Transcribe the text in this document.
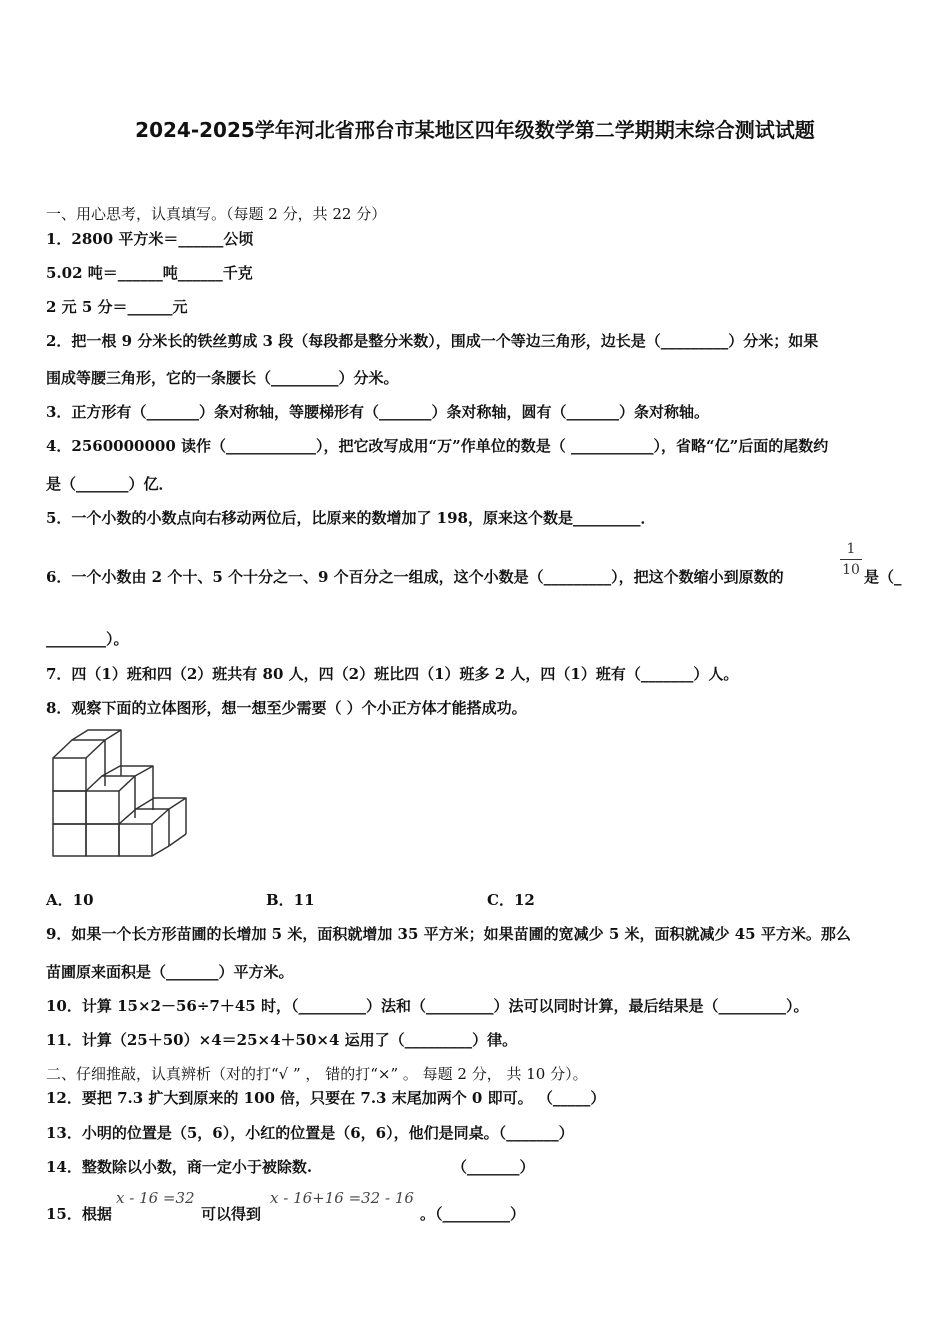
2024-2025学年河北省邢台市某地区四年级数学第二学期期末综合测试试题
一、用心思考，认真填写。（每题 2 分，共 22 分）
1．2800 平方米＝______公顷
5.02 吨＝______吨______千克
2 元 5 分＝______元
2．把一根 9 分米长的铁丝剪成 3 段（每段都是整分米数），围成一个等边三角形，边长是（_________）分米；如果
围成等腰三角形，它的一条腰长（_________）分米。
3．正方形有（_______）条对称轴，等腰梯形有（_______）条对称轴，圆有（_______）条对称轴。
4．2560000000 读作（____________），把它改写成用“万”作单位的数是（ ___________），省略“亿”后面的尾数约
是（_______）亿．
5．一个小数的小数点向右移动两位后，比原来的数增加了 198，原来这个数是_________．
6．一个小数由 2 个十、5 个十分之一、9 个百分之一组成，这个小数是（_________），把这个数缩小到原数的
1
10 是（_
________）。
7．四（1）班和四（2）班共有 80 人，四（2）班比四（1）班多 2 人，四（1）班有（_______）人。
8．观察下面的立体图形，想一想至少需要（ ）个小正方体才能搭成功。
A．10	B．11	C．12
9．如果一个长方形苗圃的长增加 5 米，面积就增加 35 平方米；如果苗圃的宽减少 5 米，面积就减少 45 平方米。那么
苗圃原来面积是（_______）平方米。
10．计算 15×2－56÷7＋45 时，（_________）法和（_________）法可以同时计算，最后结果是（_________）。
11．计算（25＋50）×4＝25×4＋50×4 运用了（_________）律。
二、仔细推敲，认真辨析（对的打“√ ” ， 错的打“×” 。 每题 2 分， 共 10 分）。
12．要把 7.3 扩大到原来的 100 倍，只要在 7.3 末尾加两个 0 即可。 （_____）
13．小明的位置是（5，6），小红的位置是（6，6），他们是同桌。（_______）
14．整数除以小数，商一定小于被除数.	（_______）
15．根据
x - 16 =32
可以得到
x - 16+16 =32 - 16
。（_________）
